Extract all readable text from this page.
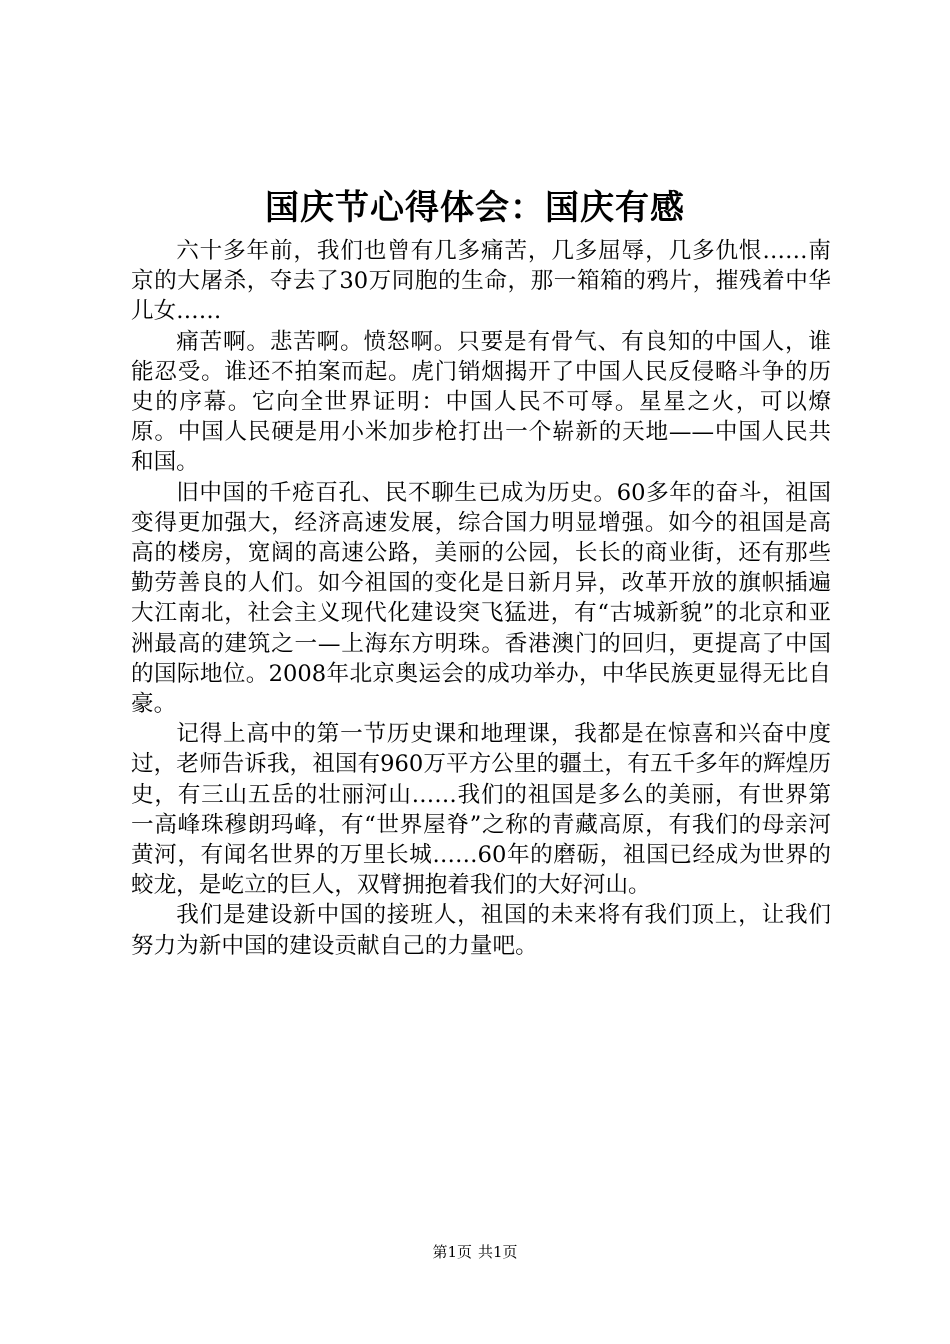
国庆节心得体会：国庆有感

六十多年前，我们也曾有几多痛苦，几多屈辱，几多仇恨……南京的大屠杀，夺去了30万同胞的生命，那一箱箱的鸦片，摧残着中华儿女……

痛苦啊。悲苦啊。愤怒啊。只要是有骨气、有良知的中国人，谁能忍受。谁还不拍案而起。虎门销烟揭开了中国人民反侵略斗争的历史的序幕。它向全世界证明：中国人民不可辱。星星之火，可以燎原。中国人民硬是用小米加步枪打出一个崭新的天地——中国人民共和国。

旧中国的千疮百孔、民不聊生已成为历史。60多年的奋斗，祖国变得更加强大，经济高速发展，综合国力明显增强。如今的祖国是高高的楼房，宽阔的高速公路，美丽的公园，长长的商业街，还有那些勤劳善良的人们。如今祖国的变化是日新月异，改革开放的旗帜插遍大江南北，社会主义现代化建设突飞猛进，有“古城新貌”的北京和亚洲最高的建筑之一—上海东方明珠。香港澳门的回归，更提高了中国的国际地位。2008年北京奥运会的成功举办，中华民族更显得无比自豪。

记得上高中的第一节历史课和地理课，我都是在惊喜和兴奋中度过，老师告诉我，祖国有960万平方公里的疆土，有五千多年的辉煌历史，有三山五岳的壮丽河山……我们的祖国是多么的美丽，有世界第一高峰珠穆朗玛峰，有“世界屋脊”之称的青藏高原，有我们的母亲河黄河，有闻名世界的万里长城……60年的磨砺，祖国已经成为世界的蛟龙，是屹立的巨人，双臂拥抱着我们的大好河山。

我们是建设新中国的接班人，祖国的未来将有我们顶上，让我们努力为新中国的建设贡献自己的力量吧。

第1页 共1页
